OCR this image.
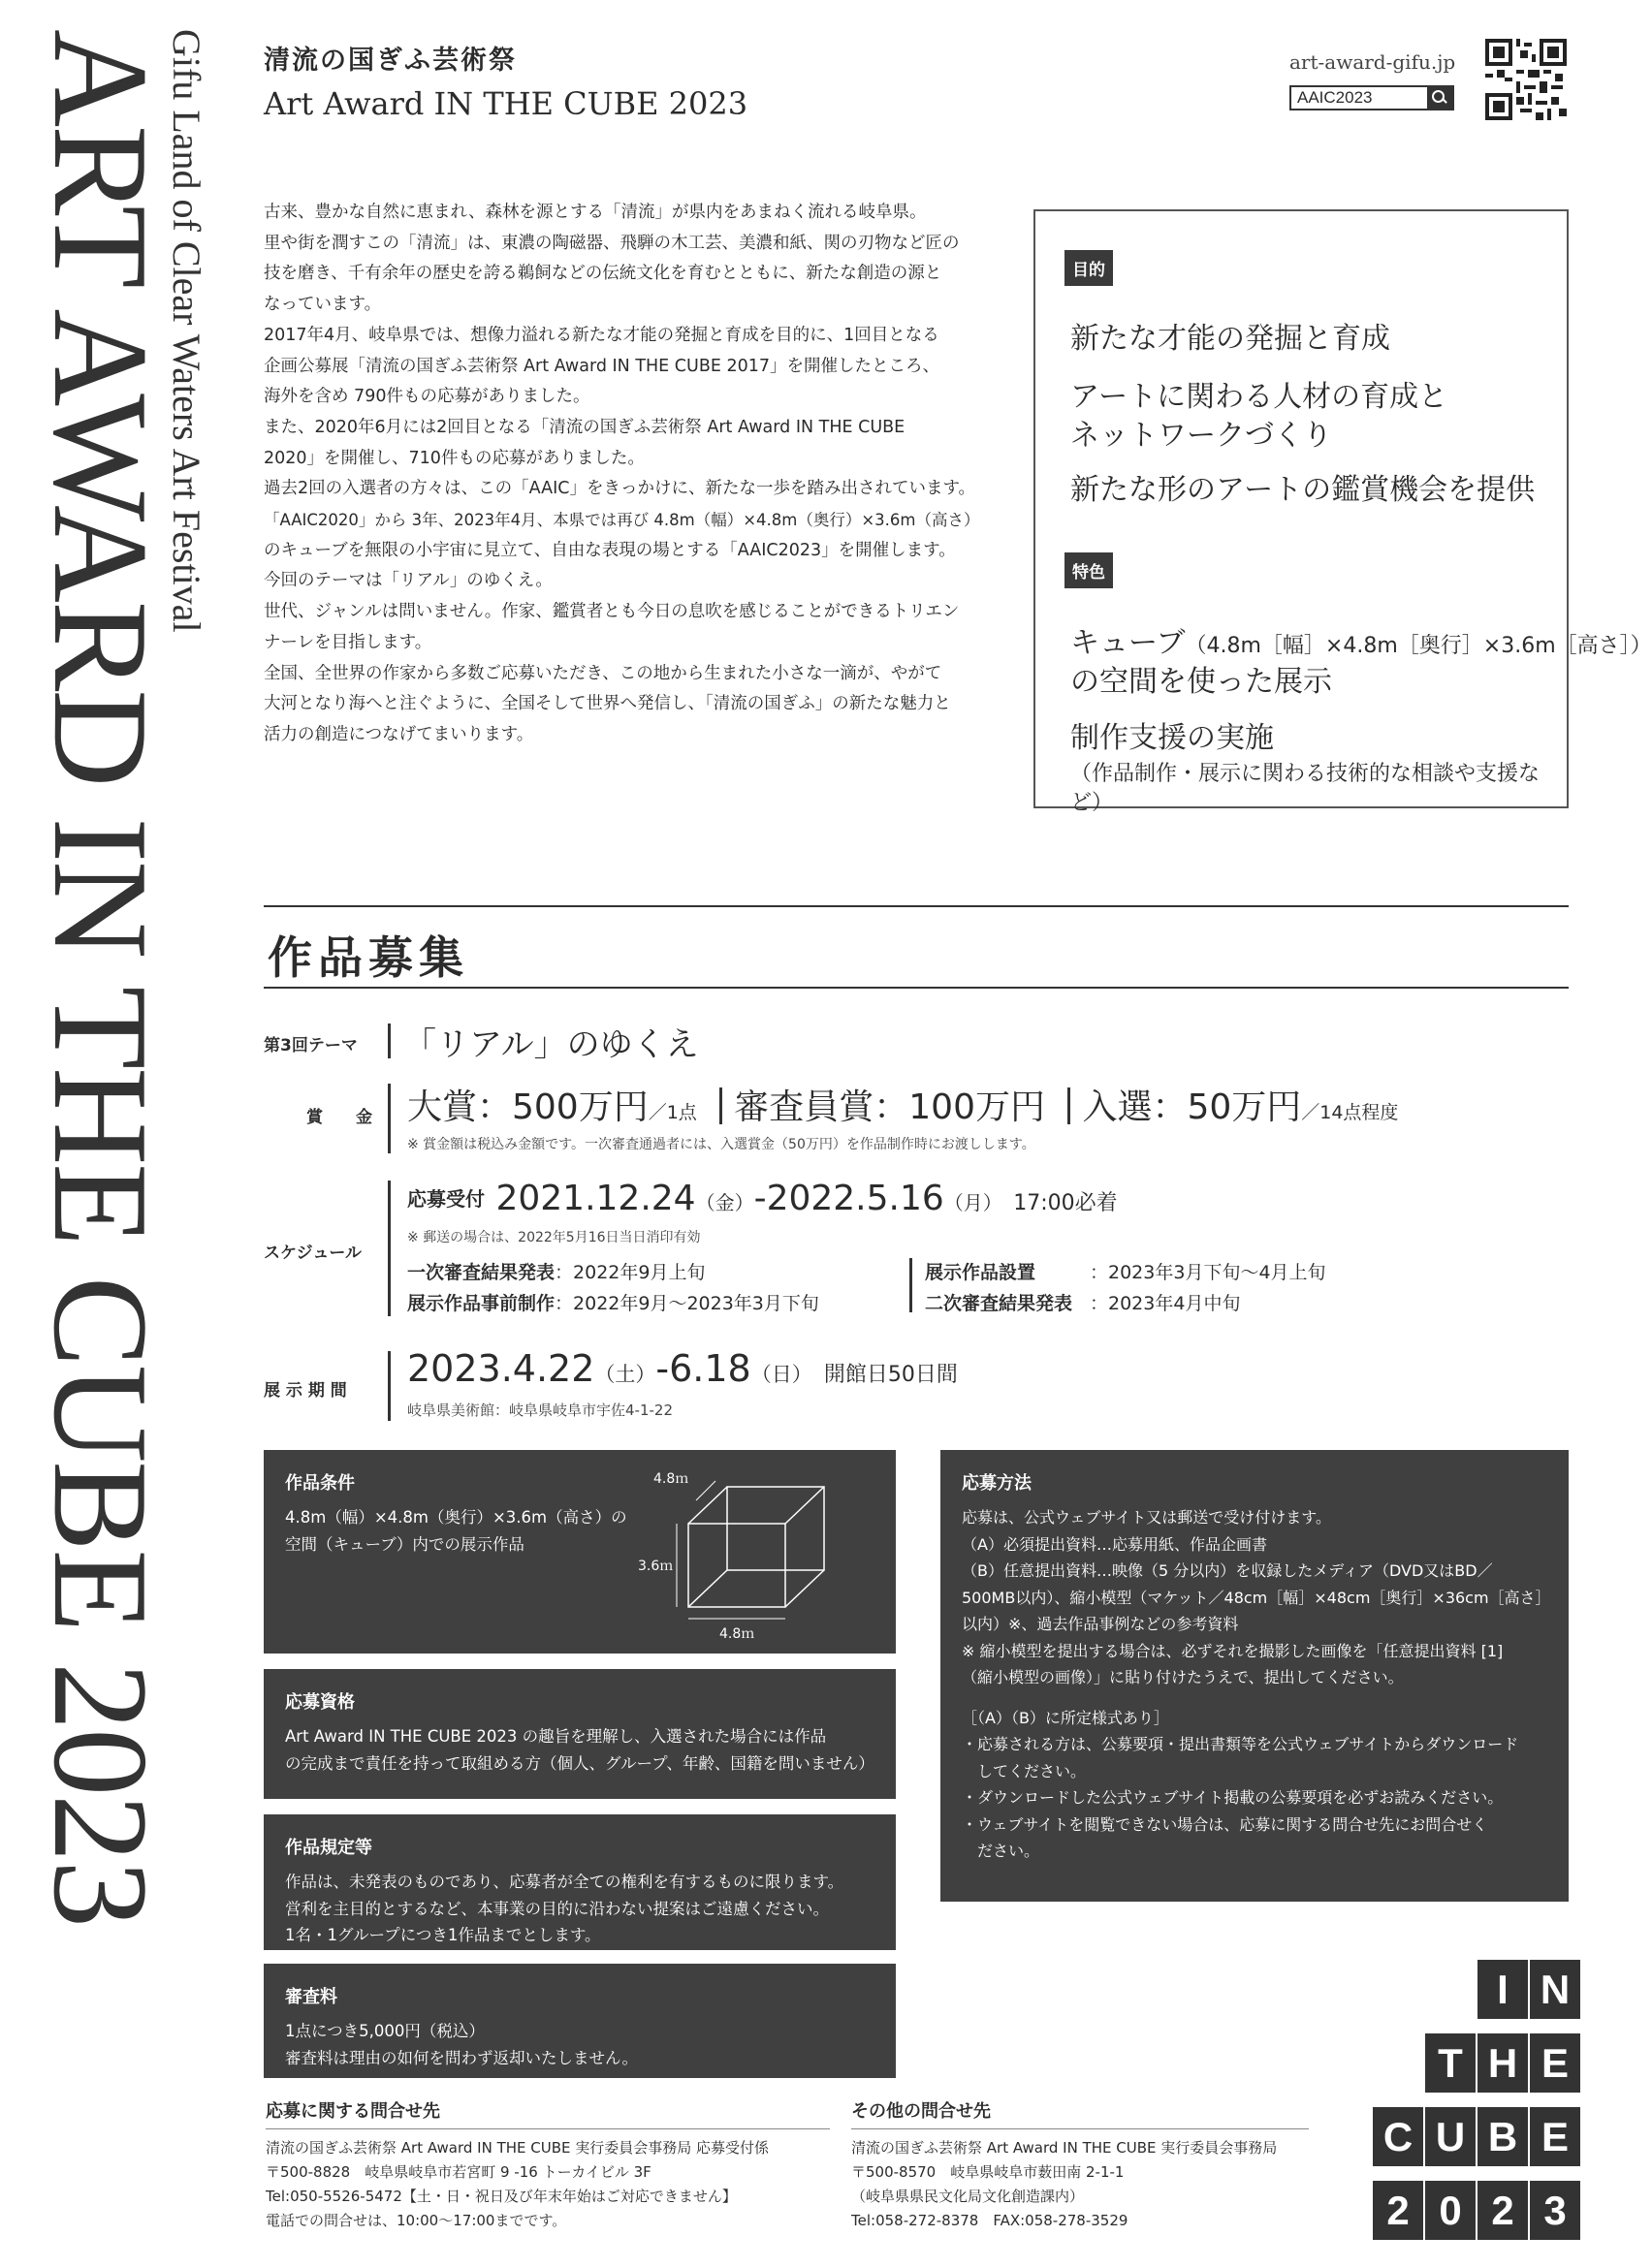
ART AWARD IN THE CUBE 2023
Gifu Land of Clear Waters Art Festival 清流の国ぎふ芸術祭
Art Award IN THE CUBE 2023
art-award-gifu.jp
AAIC2023

古来、豊かな自然に恵まれ、森林を源とする「清流」が県内をあまねく流れる岐阜県。

里や街を潤すこの「清流」は、東濃の陶磁器、飛騨の木工芸、美濃和紙、関の刃物など匠の

技を磨き、千有余年の歴史を誇る鵜飼などの伝統文化を育むとともに、新たな創造の源と

なっています。

2017年4月、岐阜県では、想像力溢れる新たな才能の発掘と育成を目的に、1回目となる

企画公募展「清流の国ぎふ芸術祭 Art Award IN THE CUBE 2017」を開催したところ、

海外を含め 790件もの応募がありました。

また、2020年6月には2回目となる「清流の国ぎふ芸術祭 Art Award IN THE CUBE

2020」を開催し、710件もの応募がありました。

過去2回の入選者の方々は、この「AAIC」をきっかけに、新たな一歩を踏み出されています。

「AAIC2020」から 3年、2023年4月、本県では再び 4.8m（幅）×4.8m（奥行）×3.6m（高さ）

のキューブを無限の小宇宙に見立て、自由な表現の場とする「AAIC2023」を開催します。

今回のテーマは「リアル」のゆくえ。

世代、ジャンルは問いません。作家、鑑賞者とも今日の息吹を感じることができるトリエン

ナーレを目指します。

全国、全世界の作家から多数ご応募いただき、この地から生まれた小さな一滴が、やがて

大河となり海へと注ぐように、全国そして世界へ発信し、「清流の国ぎふ」の新たな魅力と

活力の創造につなげてまいります。

目的
新たな才能の発掘と育成
アートに関わる人材の育成と
ネットワークづくり
新たな形のアートの鑑賞機会を提供
特色
キューブ（4.8m［幅］×4.8m［奥行］×3.6m［高さ］）
の空間を使った展示
制作支援の実施
（作品制作・展示に関わる技術的な相談や支援など）
作品募集
第3回テーマ 「リアル」のゆくえ
賞　　金 大賞：500万円／1点 審査員賞：100万円 入選：50万円／14点程度
※ 賞金額は税込み金額です。一次審査通過者には、入選賞金（50万円）を作品制作時にお渡しします。
スケジュール
応募受付 2021.12.24（金）-2022.5.16（月） 17:00必着
※ 郵送の場合は、2022年5月16日当日消印有効
一次審査結果発表：2022年9月上旬
展示作品事前制作：2022年9月～2023年3月下旬
展示作品設置	：2023年3月下旬～4月上旬
二次審査結果発表 ：2023年4月中旬
展 示 期 間
2023.4.22（土）-6.18（日） 開館日50日間
岐阜県美術館：岐阜県岐阜市宇佐4-1-22
作品条件
4.8m（幅）×4.8m（奥行）×3.6m（高さ）の
空間（キューブ）内での展示作品
4.8ｍ
3.6ｍ
4.8ｍ
応募資格
Art Award IN THE CUBE 2023 の趣旨を理解し、入選された場合には作品
の完成まで責任を持って取組める方（個人、グループ、年齢、国籍を問いません）
作品規定等
作品は、未発表のものであり、応募者が全ての権利を有するものに限ります。
営利を主目的とするなど、本事業の目的に沿わない提案はご遠慮ください。
1名・1グループにつき1作品までとします。
審査料
1点につき5,000円（税込）
審査料は理由の如何を問わず返却いたしません。
応募方法
応募は、公式ウェブサイト又は郵送で受け付けます。
（A）必須提出資料…応募用紙、作品企画書
（B）任意提出資料…映像（5 分以内）を収録したメディア（DVD又はBD／
500MB以内）、縮小模型（マケット／48cm［幅］×48cm［奥行］×36cm［高さ］
以内）※、過去作品事例などの参考資料
※ 縮小模型を提出する場合は、必ずそれを撮影した画像を「任意提出資料 [1]
（縮小模型の画像）」に貼り付けたうえで、提出してください。
［（A）（B）に所定様式あり］
・応募される方は、公募要項・提出書類等を公式ウェブサイトからダウンロード
　してください。
・ダウンロードした公式ウェブサイト掲載の公募要項を必ずお読みください。
・ウェブサイトを閲覧できない場合は、応募に関する問合せ先にお問合せく
　ださい。
応募に関する問合せ先
清流の国ぎふ芸術祭 Art Award IN THE CUBE 実行委員会事務局 応募受付係
〒500-8828　岐阜県岐阜市若宮町 9 -16 トーカイビル 3F
Tel:050-5526-5472【土・日・祝日及び年末年始はご対応できません】
電話での問合せは、10:00～17:00までです。
その他の問合せ先
清流の国ぎふ芸術祭 Art Award IN THE CUBE 実行委員会事務局
〒500-8570　岐阜県岐阜市薮田南 2-1-1
（岐阜県県民文化局文化創造課内）
Tel:058-272-8378　FAX:058-278-3529
I N
T H E
C U B E
2 0 2 3
